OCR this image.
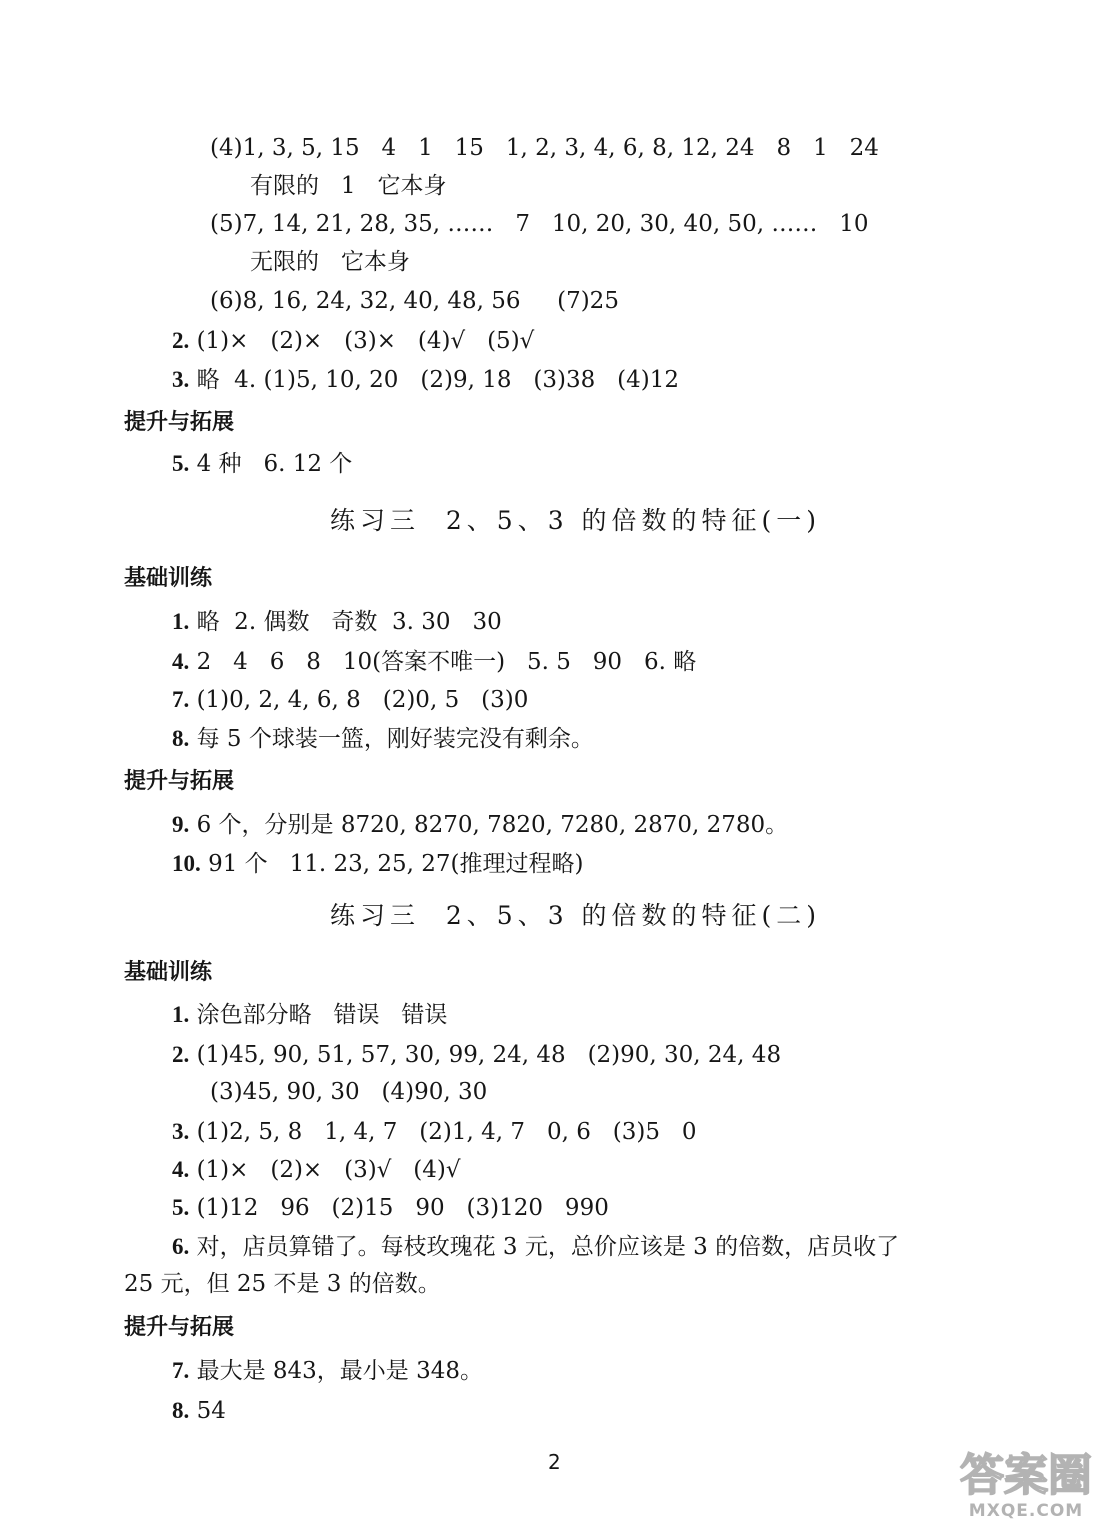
(4)1, 3, 5, 15   4   1   15   1, 2, 3, 4, 6, 8, 12, 24   8   1   24
有限的   1   它本身
(5)7, 14, 21, 28, 35, ……   7   10, 20, 30, 40, 50, ……   10
无限的   它本身
(6)8, 16, 24, 32, 40, 48, 56     (7)25
2. (1)×   (2)×   (3)×   (4)√   (5)√
3. 略  4. (1)5, 10, 20   (2)9, 18   (3)38   (4)12
提升与拓展
5. 4 种   6. 12 个
练习三  2、5、3 的倍数的特征(一)
基础训练
1. 略  2. 偶数   奇数  3. 30   30
4. 2   4   6   8   10(答案不唯一)   5. 5   90   6. 略
7. (1)0, 2, 4, 6, 8   (2)0, 5   (3)0
8. 每 5 个球装一篮，刚好装完没有剩余。
提升与拓展
9. 6 个，分别是 8720, 8270, 7820, 7280, 2870, 2780。
10. 91 个   11. 23, 25, 27(推理过程略)
练习三  2、5、3 的倍数的特征(二)
基础训练
1. 涂色部分略   错误   错误
2. (1)45, 90, 51, 57, 30, 99, 24, 48   (2)90, 30, 24, 48
(3)45, 90, 30   (4)90, 30
3. (1)2, 5, 8   1, 4, 7   (2)1, 4, 7   0, 6   (3)5   0
4. (1)×   (2)×   (3)√   (4)√
5. (1)12   96   (2)15   90   (3)120   990
6. 对，店员算错了。每枝玫瑰花 3 元，总价应该是 3 的倍数，店员收了
25 元，但 25 不是 3 的倍数。
提升与拓展
7. 最大是 843，最小是 348。
8. 54
2	答案圈
MXQE.COM
